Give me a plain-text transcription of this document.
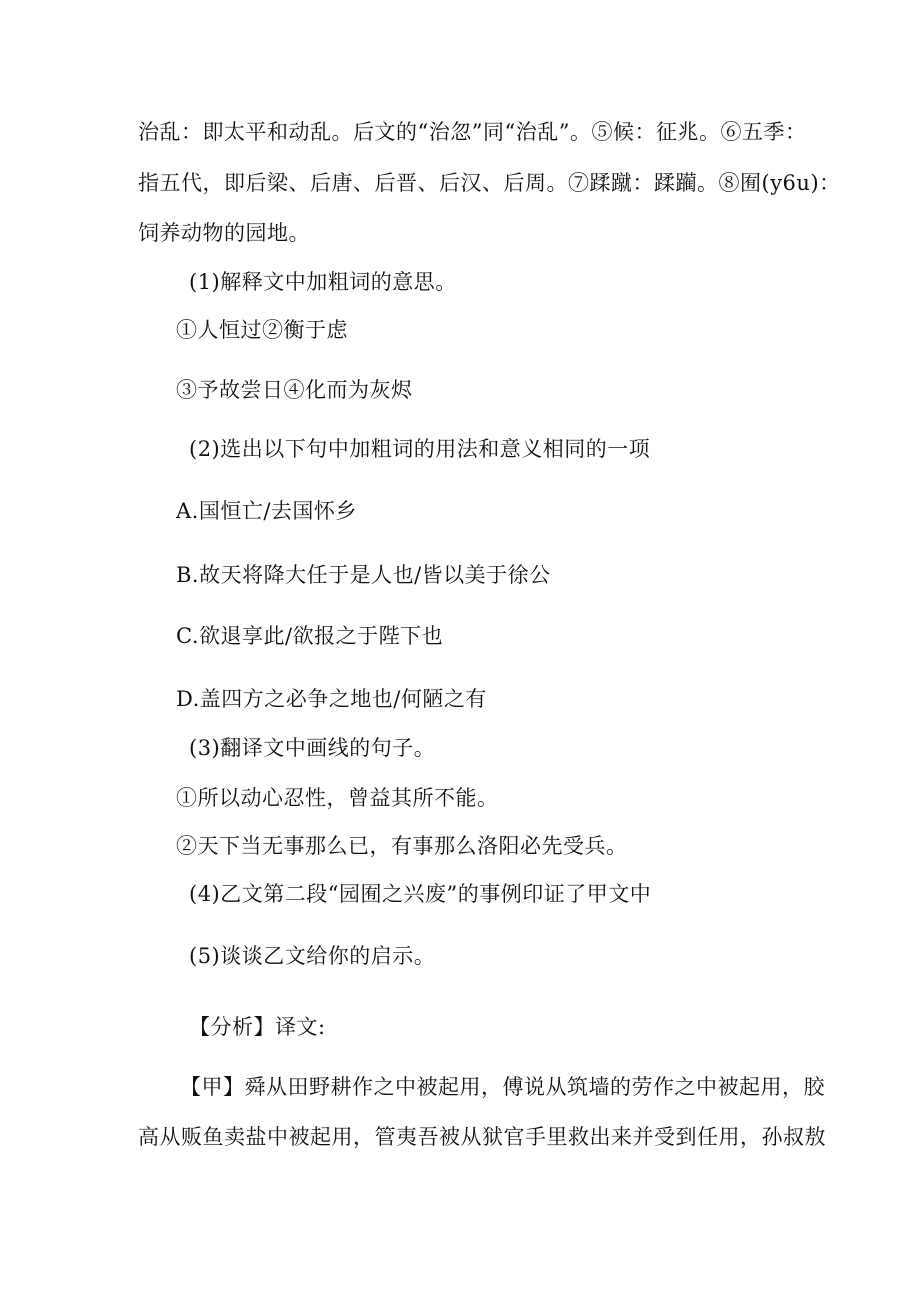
治乱：即太平和动乱。后文的“治忽”同“治乱”。⑤候：征兆。⑥五季：
指五代，即后梁、后唐、后晋、后汉、后周。⑦蹂蹴：蹂躏。⑧囿(y6u)：
饲养动物的园地。
(1)解释文中加粗词的意思。
①人恒过②衡于虑
③予故尝日④化而为灰烬
(2)选出以下句中加粗词的用法和意义相同的一项
A.国恒亡/去国怀乡
B.故天将降大任于是人也/皆以美于徐公
C.欲退享此/欲报之于陛下也
D.盖四方之必争之地也/何陋之有
(3)翻译文中画线的句子。
①所以动心忍性，曾益其所不能。
②天下当无事那么已，有事那么洛阳必先受兵。
(4)乙文第二段“园囿之兴废”的事例印证了甲文中
(5)谈谈乙文给你的启示。
【分析】译文:
【甲】舜从田野耕作之中被起用，傅说从筑墙的劳作之中被起用，胶
高从贩鱼卖盐中被起用，管夷吾被从狱官手里救出来并受到任用，孙叔敖
